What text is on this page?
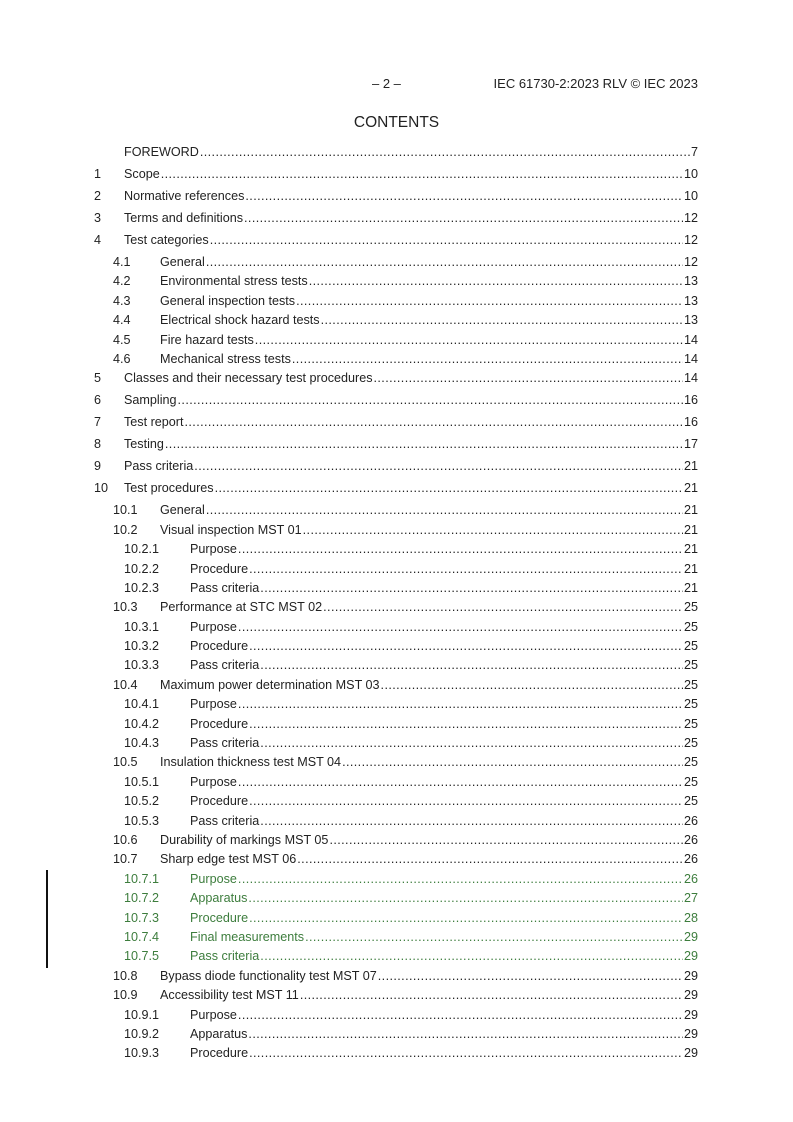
– 2 –	IEC 61730-2:2023 RLV © IEC 2023
CONTENTS
FOREWORD .....	7
1	Scope .....	10
2	Normative references .....	10
3	Terms and definitions .....	12
4	Test categories .....	12
4.1	General .....	12
4.2	Environmental stress tests .....	13
4.3	General inspection tests .....	13
4.4	Electrical shock hazard tests .....	13
4.5	Fire hazard tests .....	14
4.6	Mechanical stress tests .....	14
5	Classes and their necessary test procedures .....	14
6	Sampling .....	16
7	Test report .....	16
8	Testing .....	17
9	Pass criteria .....	21
10	Test procedures .....	21
10.1	General .....	21
10.2	Visual inspection MST 01 .....	21
10.2.1	Purpose .....	21
10.2.2	Procedure .....	21
10.2.3	Pass criteria .....	21
10.3	Performance at STC MST 02 .....	25
10.3.1	Purpose .....	25
10.3.2	Procedure .....	25
10.3.3	Pass criteria .....	25
10.4	Maximum power determination MST 03 .....	25
10.4.1	Purpose .....	25
10.4.2	Procedure .....	25
10.4.3	Pass criteria .....	25
10.5	Insulation thickness test MST 04 .....	25
10.5.1	Purpose .....	25
10.5.2	Procedure .....	25
10.5.3	Pass criteria .....	26
10.6	Durability of markings MST 05 .....	26
10.7	Sharp edge test MST 06 .....	26
10.7.1	Purpose .....	26
10.7.2	Apparatus .....	27
10.7.3	Procedure .....	28
10.7.4	Final measurements .....	29
10.7.5	Pass criteria .....	29
10.8	Bypass diode functionality test MST 07 .....	29
10.9	Accessibility test MST 11 .....	29
10.9.1	Purpose .....	29
10.9.2	Apparatus .....	29
10.9.3	Procedure .....	29
